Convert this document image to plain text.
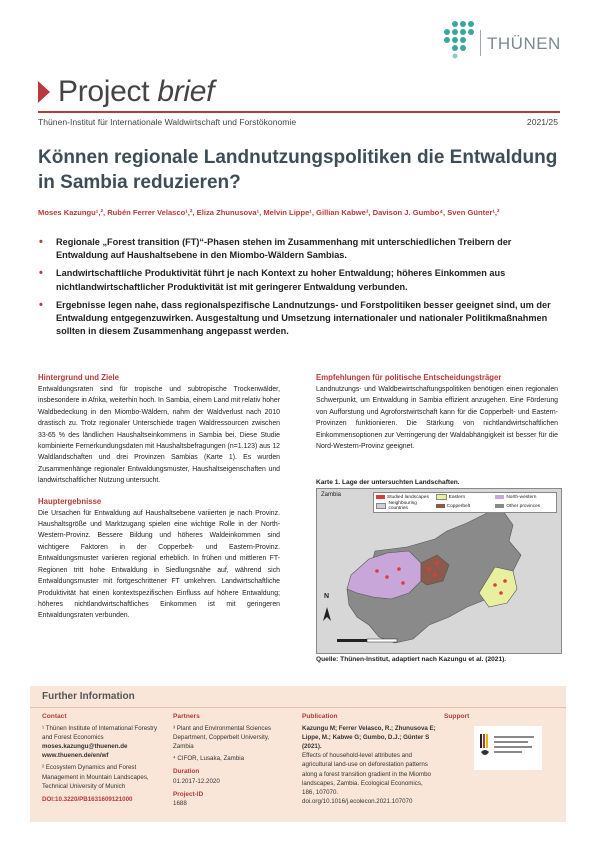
THÜNEN
Project brief
Thünen-Institut für Internationale Waldwirtschaft und Forstökonomie	2021/25
Können regionale Landnutzungspolitiken die Entwaldung in Sambia reduzieren?
Moses Kazungu¹,², Rubén Ferrer Velasco¹,², Eliza Zhunusova¹, Melvin Lippe¹, Gillian Kabwe³, Davison J. Gumbo⁴, Sven Günter¹,²
• Regionale „Forest transition (FT)“-Phasen stehen im Zusammenhang mit unterschiedlichen Treibern der Entwaldung auf Haushaltsebene in den Miombo-Wäldern Sambias.
• Landwirtschaftliche Produktivität führt je nach Kontext zu hoher Entwaldung; höheres Einkommen aus nichtlandwirtschaftlicher Produktivität ist mit geringerer Entwaldung verbunden.
• Ergebnisse legen nahe, dass regionalspezifische Landnutzungs- und Forstpolitiken besser geeignet sind, um der Entwaldung entgegenzuwirken. Ausgestaltung und Umsetzung internationaler und nationaler Politikmaßnahmen sollten in diesem Zusammenhang angepasst werden.
Hintergrund und Ziele

Entwaldungsraten sind für tropische und subtropische Trockenwälder, insbesondere in Afrika, weiterhin hoch. In Sambia, einem Land mit relativ hoher Waldbedeckung in den Miombo-Wäldern, nahm der Waldverlust nach 2010 drastisch zu. Trotz regionaler Unterschiede tragen Waldressourcen zwischen 33-65 % des ländlichen Haushaltseinkommens in Sambia bei. Diese Studie kombinierte Fernerkundungsdaten mit Haushaltsbefragungen (n=1.123) aus 12 Waldlandschaften und drei Provinzen Sambias (Karte 1). Es wurden Zusammenhänge regionaler Entwaldungsmuster, Haushaltseigenschaften und landwirtschaftlicher Nutzung untersucht.

Hauptergebnisse

Die Ursachen für Entwaldung auf Haushaltsebene variierten je nach Provinz. Haushaltsgröße und Marktzugang spielen eine wichtige Rolle in der North-Western-Provinz. Bessere Bildung und höheres Waldeinkommen sind wichtigere Faktoren in der Copperbelt- und Eastern-Provinz. Entwaldungsmuster variieren regional erheblich. In frühen und mittleren FT-Regionen tritt hohe Entwaldung in Siedlungsnähe auf, während sich Entwaldungsmuster mit fortgeschrittener FT umkehren. Landwirtschaftliche Produktivität hat einen kontextspezifischen Einfluss auf höhere Entwaldung; höheres nichtlandwirtschaftliches Einkommen ist mit geringeren Entwaldungsraten verbunden.

Empfehlungen für politische Entscheidungsträger

Landnutzungs- und Waldbewirtschaftungspolitiken benötigen einen regionalen Schwerpunkt, um Entwaldung in Sambia effizient anzugehen. Eine Förderung von Aufforstung und Agroforstwirtschaft kann für die Copperbelt- und Eastern-Provinzen funktionieren. Die Stärkung von nichtlandwirtschaftlichen Einkommensoptionen zur Verringerung der Waldabhängigkeit ist besser für die Nord-Western-Provinz geeignet.

Karte 1. Lage der untersuchten Landschaften.
Zambia	Studied landscapes	Eastern	North-western
Neighbouring countries	Copperbelt	Other provinces
N
Quelle: Thünen-Institut, adaptiert nach Kazungu et al. (2021).
Further Information
Contact
¹ Thünen Institute of International Forestry and Forest Economics
moses.kazungu@thuenen.de
www.thuenen.de/en/wf
² Ecosystem Dynamics and Forest Management in Mountain Landscapes, Technical University of Munich
DOI:10.3220/PB1631609121000
Partners
³ Plant and Environmental Sciences Department, Copperbelt University, Zambia
⁴ CIFOR, Lusaka, Zambia
Duration
01.2017-12.2020
Project-ID
1688
Publication
Kazungu M; Ferrer Velasco, R.; Zhunusova E; Lippe, M.; Kabwe G; Gumbo, D.J.; Günter S (2021).
Effects of household-level attributes and agricultural land-use on deforestation patterns along a forest transition gradient in the Miombo landscapes, Zambia. Ecological Economics, 186, 107070.
doi.org/10.1016/j.ecolecon.2021.107070
Support
